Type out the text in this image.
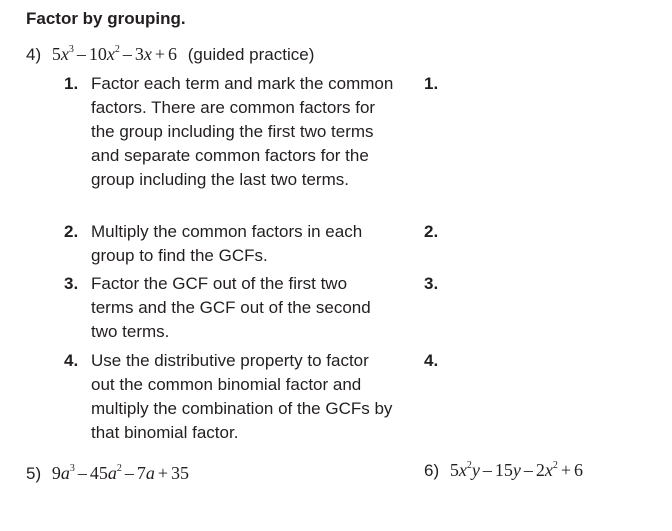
Factor by grouping.
4) $5x^3 - 10x^2 - 3x + 6$ (guided practice)
1. Factor each term and mark the common factors. There are common factors for the group including the first two terms and separate common factors for the group including the last two terms.
2. Multiply the common factors in each group to find the GCFs.
3. Factor the GCF out of the first two terms and the GCF out of the second two terms.
4. Use the distributive property to factor out the common binomial factor and multiply the combination of the GCFs by that binomial factor.
1.
2.
3.
4.
5) $9a^3 - 45a^2 - 7a + 35$	6) $5x^2y - 15y - 2x^2 + 6$
